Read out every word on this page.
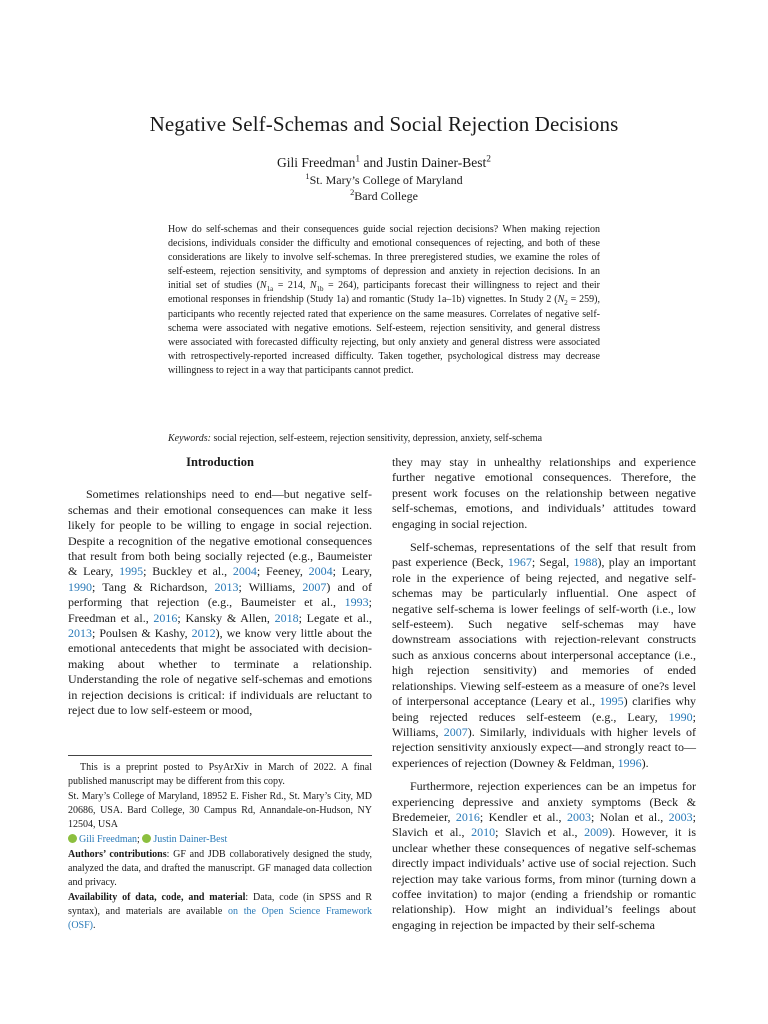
Negative Self-Schemas and Social Rejection Decisions
Gili Freedman$^1$ and Justin Dainer-Best$^2$
$^1$St. Mary’s College of Maryland
$^2$Bard College
How do self-schemas and their consequences guide social rejection decisions? When making rejection decisions, individuals consider the difficulty and emotional consequences of rejecting, and both of these considerations are likely to involve self-schemas. In three preregistered studies, we examine the roles of self-esteem, rejection sensitivity, and symptoms of depression and anxiety in rejection decisions. In an initial set of studies ($N_{1a} = 214$, $N_{1b} = 264$), participants forecast their willingness to reject and their emotional responses in friendship (Study 1a) and romantic (Study 1a–1b) vignettes. In Study 2 $(N_2 = 259)$, participants who recently rejected rated that experience on the same measures. Correlates of negative self-schema were associated with negative emotions. Self-esteem, rejection sensitivity, and general distress were associated with forecasted difficulty rejecting, but only anxiety and general distress were associated with retrospectively-reported increased difficulty. Taken together, psychological distress may decrease willingness to reject in a way that participants cannot predict.
Keywords: social rejection, self-esteem, rejection sensitivity, depression, anxiety, self-schema
Introduction

Sometimes relationships need to end—but negative self-schemas and their emotional consequences can make it less likely for people to be willing to engage in social rejection. Despite a recognition of the negative emotional consequences that result from both being socially rejected (e.g., Baumeister & Leary, 1995; Buckley et al., 2004; Feeney, 2004; Leary, 1990; Tang & Richardson, 2013; Williams, 2007) and of performing that rejection (e.g., Baumeister et al., 1993; Freedman et al., 2016; Kansky & Allen, 2018; Legate et al., 2013; Poulsen & Kashy, 2012), we know very little about the emotional antecedents that might be associated with decision-making about whether to terminate a relationship. Understanding the role of negative self-schemas and emotions in rejection decisions is critical: if individuals are reluctant to reject due to low self-esteem or mood,

This is a preprint posted to PsyArXiv in March of 2022. A final published manuscript may be different from this copy.

St. Mary’s College of Maryland, 18952 E. Fisher Rd., St. Mary’s City, MD 20686, USA. Bard College, 30 Campus Rd, Annandale-on-Hudson, NY 12504, USA

Gili Freedman; Justin Dainer-Best

Authors’ contributions: GF and JDB collaboratively designed the study, analyzed the data, and drafted the manuscript. GF managed data collection and privacy.

Availability of data, code, and material: Data, code (in SPSS and R syntax), and materials are available on the Open Science Framework (OSF).

they may stay in unhealthy relationships and experience further negative emotional consequences. Therefore, the present work focuses on the relationship between negative self-schemas, emotions, and individuals’ attitudes toward engaging in social rejection.

Self-schemas, representations of the self that result from past experience (Beck, 1967; Segal, 1988), play an important role in the experience of being rejected, and negative self-schemas may be particularly influential. One aspect of negative self-schema is lower feelings of self-worth (i.e., low self-esteem). Such negative self-schemas may have downstream associations with rejection-relevant constructs such as anxious concerns about interpersonal acceptance (i.e., high rejection sensitivity) and memories of ended relationships. Viewing self-esteem as a measure of one?s level of interpersonal acceptance (Leary et al., 1995) clarifies why being rejected reduces self-esteem (e.g., Leary, 1990; Williams, 2007). Similarly, individuals with higher levels of rejection sensitivity anxiously expect—and strongly react to—experiences of rejection (Downey & Feldman, 1996).

Furthermore, rejection experiences can be an impetus for experiencing depressive and anxiety symptoms (Beck & Bredemeier, 2016; Kendler et al., 2003; Nolan et al., 2003; Slavich et al., 2010; Slavich et al., 2009). However, it is unclear whether these consequences of negative self-schemas directly impact individuals’ active use of social rejection. Such rejection may take various forms, from minor (turning down a coffee invitation) to major (ending a friendship or romantic relationship). How might an individual’s feelings about engaging in rejection be impacted by their self-schema
